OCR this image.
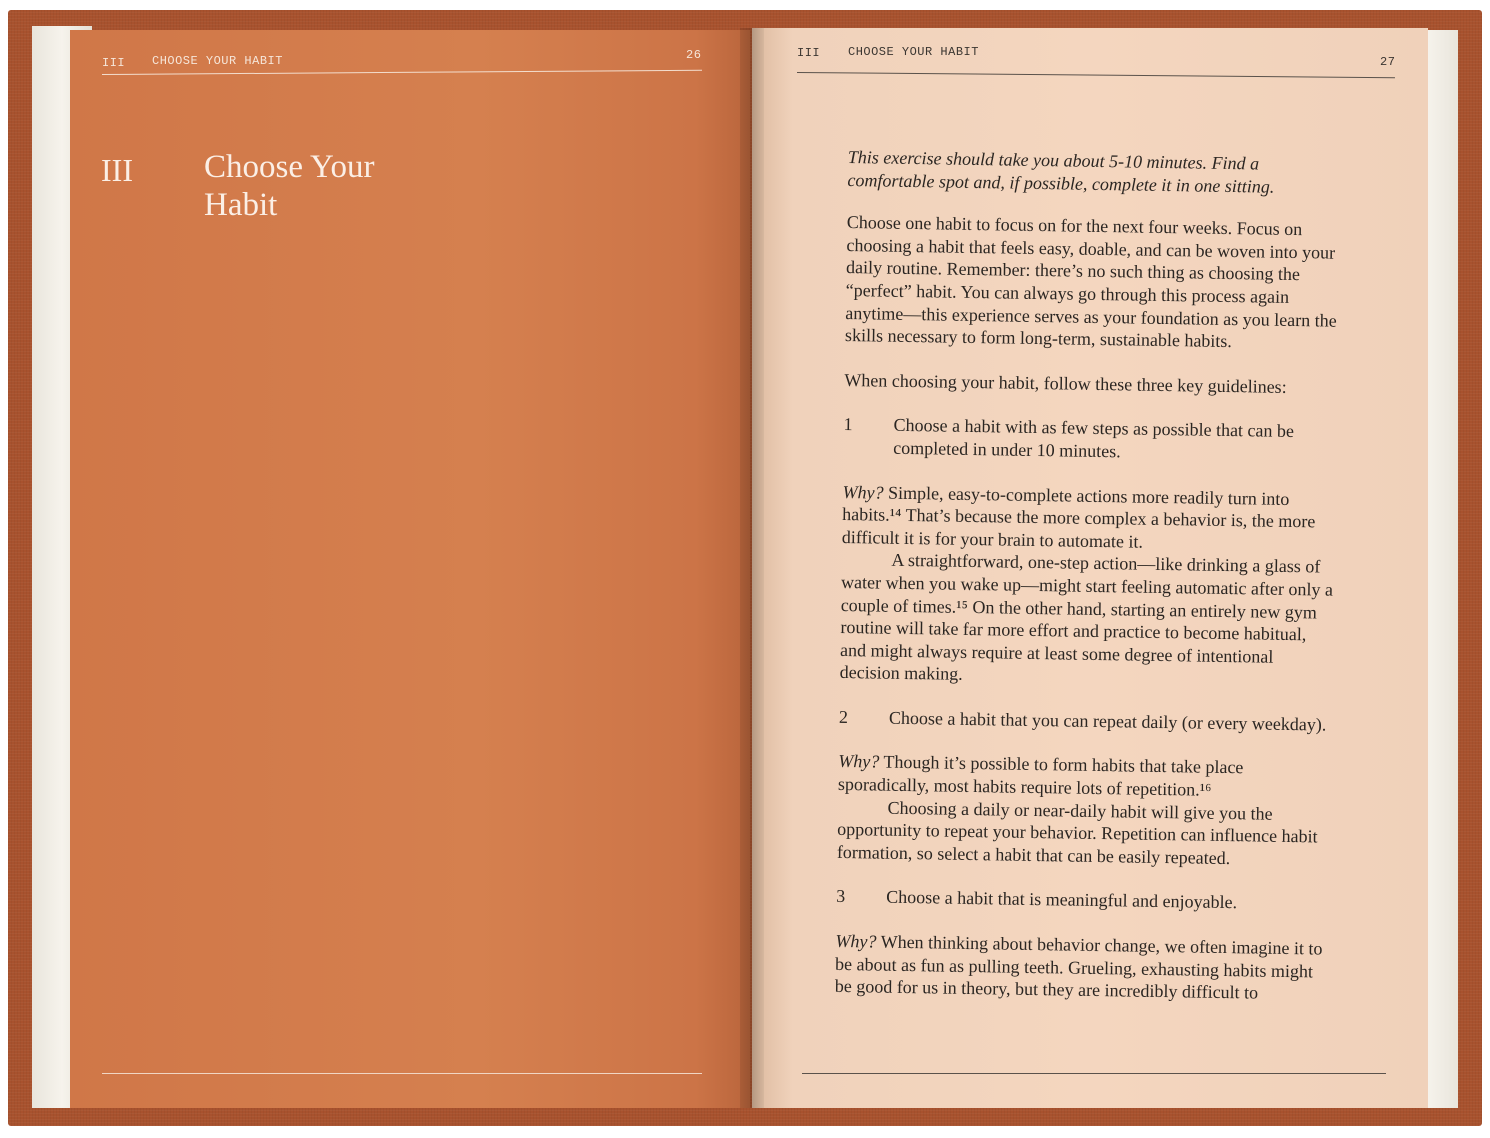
III CHOOSE YOUR HABIT	26
III Choose Your
Habit
III CHOOSE YOUR HABIT
27

This exercise should take you about 5-10 minutes. Find a comfortable spot and, if possible, complete it in one sitting.

Choose one habit to focus on for the next four weeks. Focus on choosing a habit that feels easy, doable, and can be woven into your daily routine. Remember: there’s no such thing as choosing the “perfect” habit. You can always go through this process again anytime—this experience serves as your foundation as you learn the skills necessary to form long-term, sustainable habits.

When choosing your habit, follow these three key guidelines:

1	Choose a habit with as few steps as possible that can be completed in under 10 minutes.

Why? Simple, easy-to-complete actions more readily turn into habits.¹⁴ That’s because the more complex a behavior is, the more difficult it is for your brain to automate it.

A straightforward, one-step action—like drinking a glass of water when you wake up—might start feeling automatic after only a couple of times.¹⁵ On the other hand, starting an entirely new gym routine will take far more effort and practice to become habitual, and might always require at least some degree of intentional decision making.

2	Choose a habit that you can repeat daily (or every weekday).

Why? Though it’s possible to form habits that take place sporadically, most habits require lots of repetition.¹⁶

Choosing a daily or near-daily habit will give you the opportunity to repeat your behavior. Repetition can influence habit formation, so select a habit that can be easily repeated.

3	Choose a habit that is meaningful and enjoyable.

Why? When thinking about behavior change, we often imagine it to be about as fun as pulling teeth. Grueling, exhausting habits might be good for us in theory, but they are incredibly difficult to
